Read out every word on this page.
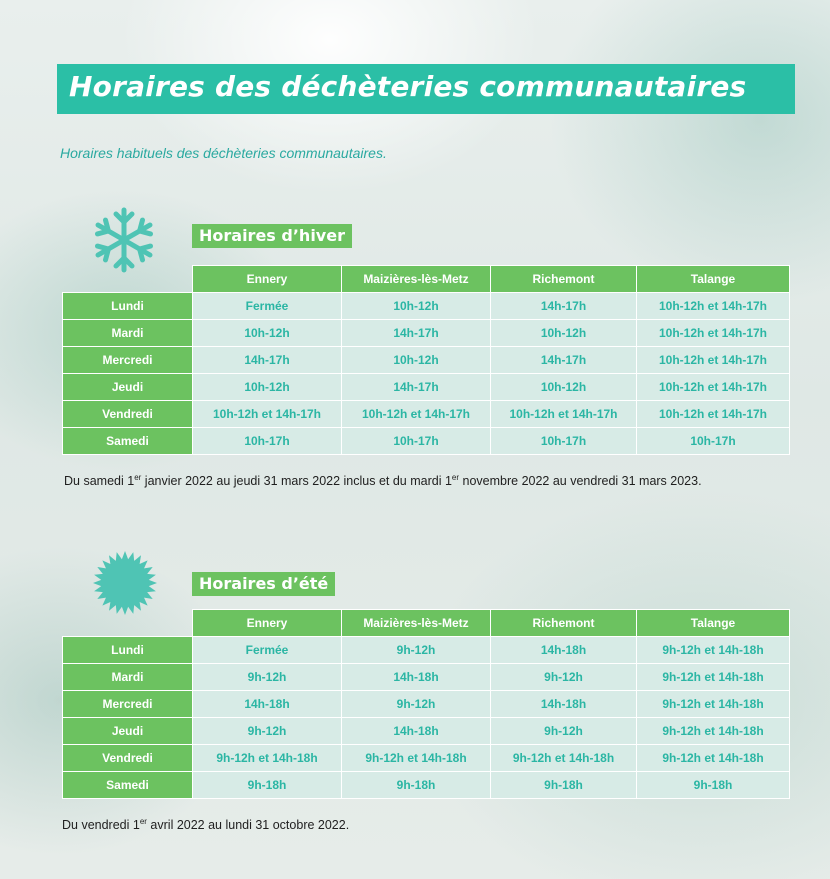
Horaires des déchèteries communautaires
Horaires habituels des déchèteries communautaires.
Horaires d’hiver
	Ennery	Maizières-lès-Metz	Richemont	Talange
Lundi	Fermée	10h-12h	14h-17h	10h-12h et 14h-17h
Mardi	10h-12h	14h-17h	10h-12h	10h-12h et 14h-17h
Mercredi	14h-17h	10h-12h	14h-17h	10h-12h et 14h-17h
Jeudi	10h-12h	14h-17h	10h-12h	10h-12h et 14h-17h
Vendredi	10h-12h et 14h-17h	10h-12h et 14h-17h	10h-12h et 14h-17h	10h-12h et 14h-17h
Samedi	10h-17h	10h-17h	10h-17h	10h-17h
Du samedi 1er janvier 2022 au jeudi 31 mars 2022 inclus et du mardi 1er novembre 2022 au vendredi 31 mars 2023.
Horaires d’été
	Ennery	Maizières-lès-Metz	Richemont	Talange
Lundi	Fermée	9h-12h	14h-18h	9h-12h et 14h-18h
Mardi	9h-12h	14h-18h	9h-12h	9h-12h et 14h-18h
Mercredi	14h-18h	9h-12h	14h-18h	9h-12h et 14h-18h
Jeudi	9h-12h	14h-18h	9h-12h	9h-12h et 14h-18h
Vendredi	9h-12h et 14h-18h	9h-12h et 14h-18h	9h-12h et 14h-18h	9h-12h et 14h-18h
Samedi	9h-18h	9h-18h	9h-18h	9h-18h
Du vendredi 1er avril 2022 au lundi 31 octobre 2022.
